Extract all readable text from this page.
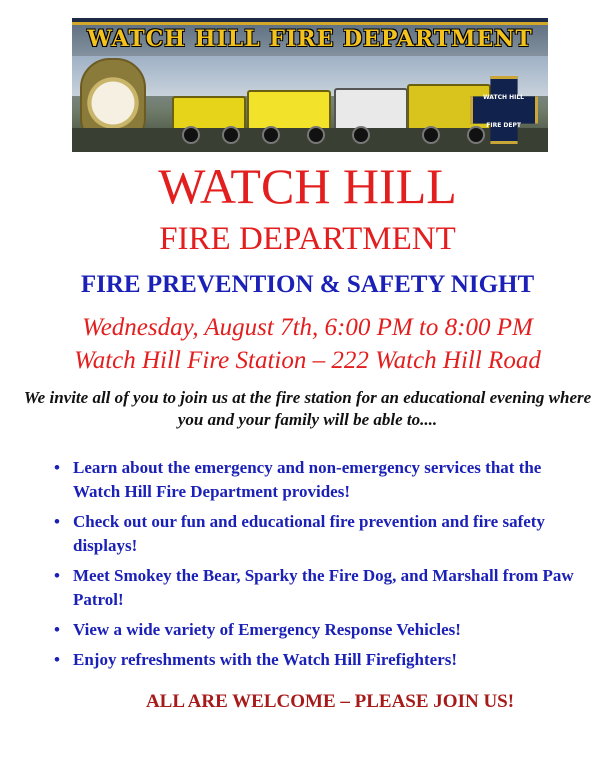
WATCH HILL FIRE DEPARTMENT
WATCH HILL
FIRE DEPT
WATCH HILL
FIRE DEPARTMENT
FIRE PREVENTION & SAFETY NIGHT
Wednesday, August 7th, 6:00 PM to 8:00 PM
Watch Hill Fire Station – 222 Watch Hill Road
We invite all of you to join us at the fire station for an educational evening where you and your family will be able to....
• Learn about the emergency and non-emergency services that the Watch Hill Fire Department provides!
• Check out our fun and educational fire prevention and fire safety displays!
• Meet Smokey the Bear, Sparky the Fire Dog, and Marshall from Paw Patrol!
• View a wide variety of Emergency Response Vehicles!
• Enjoy refreshments with the Watch Hill Firefighters!
ALL ARE WELCOME – PLEASE JOIN US!
